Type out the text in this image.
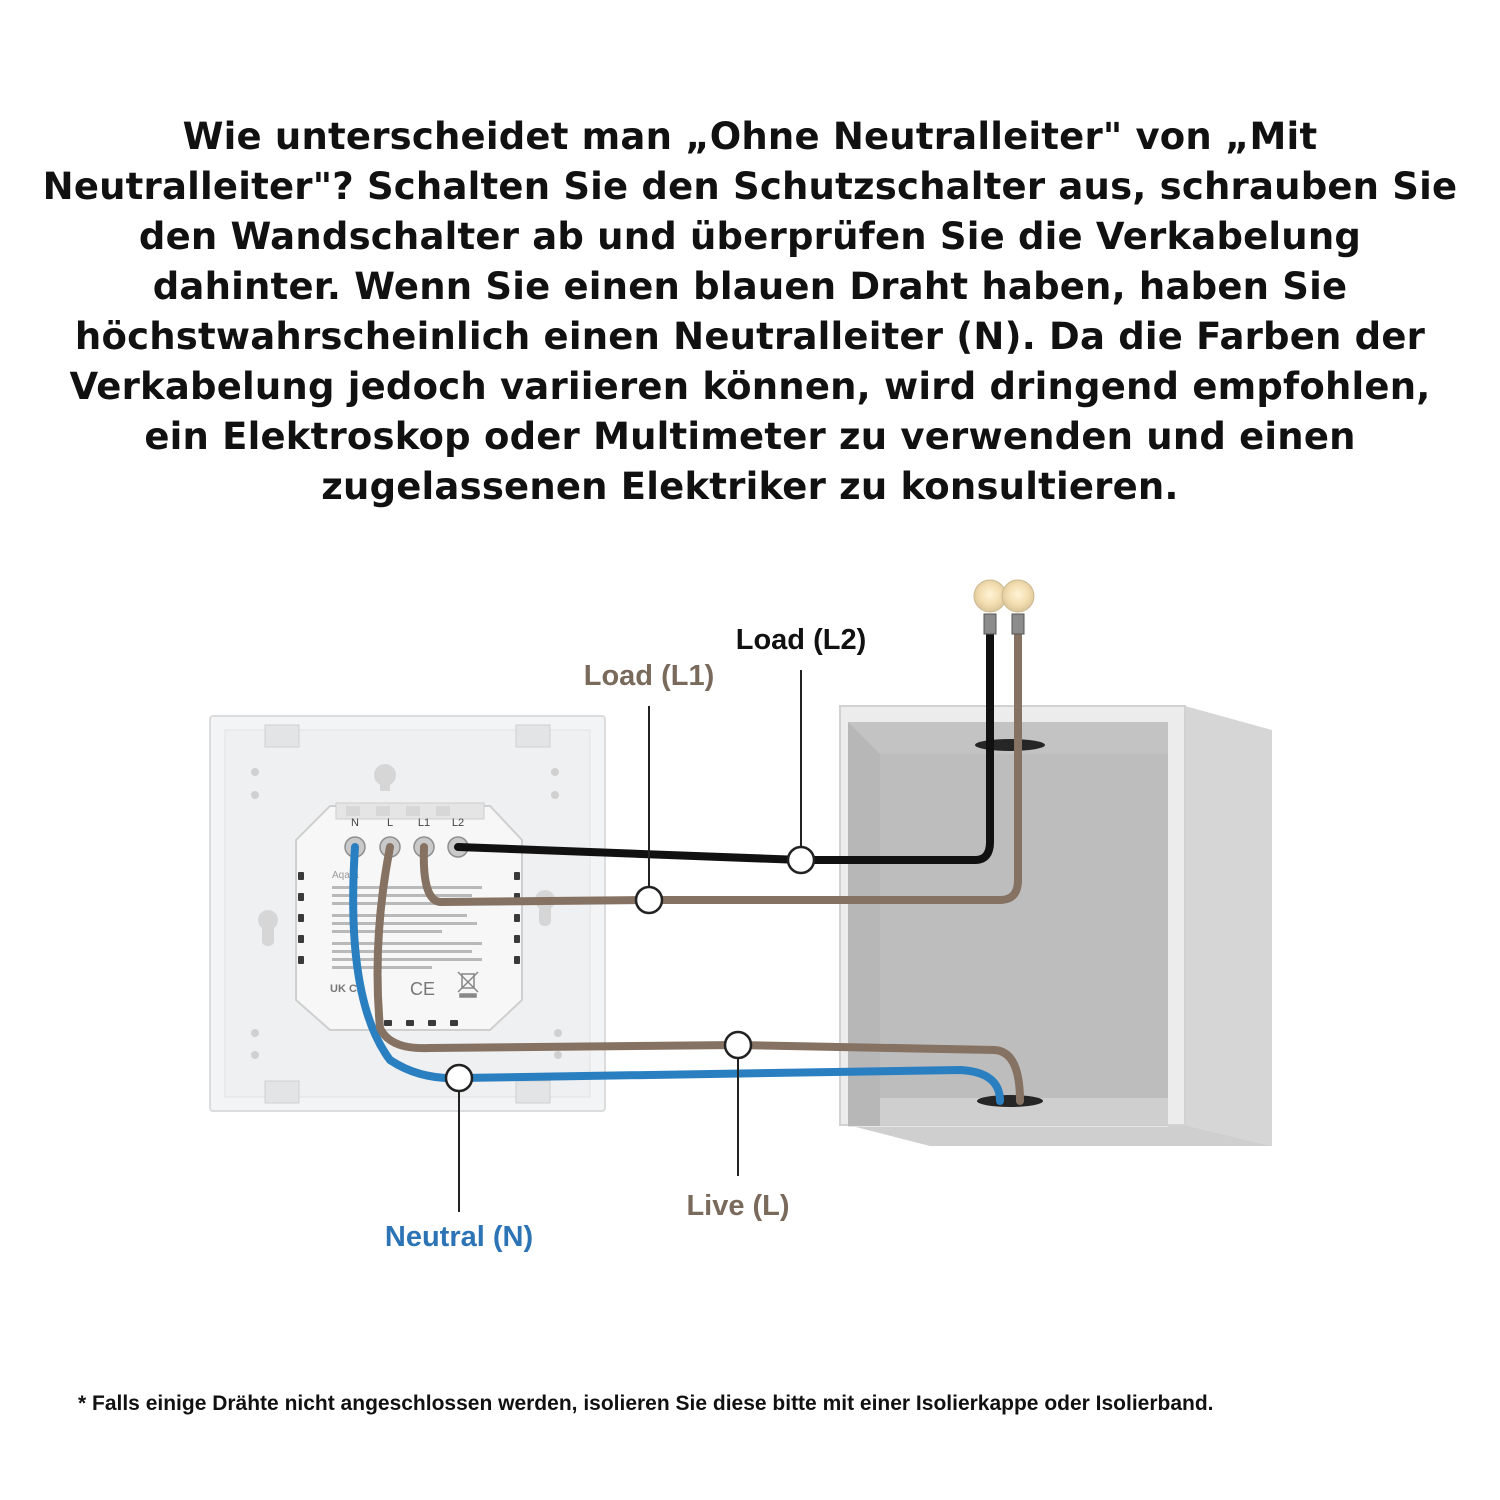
Wie unterscheidet man „Ohne Neutralleiter" von „Mit Neutralleiter"? Schalten Sie den Schutzschalter aus, schrauben Sie den Wandschalter ab und überprüfen Sie die Verkabelung dahinter. Wenn Sie einen blauen Draht haben, haben Sie höchstwahrscheinlich einen Neutralleiter (N). Da die Farben der Verkabelung jedoch variieren können, wird dringend empfohlen, ein Elektroskop oder Multimeter zu verwenden und einen zugelassenen Elektriker zu konsultieren.

Aqara
UK CA	CE
N	L L1 L2
Load (L1)
Load (L2)
Live (L)
Neutral (N)

* Falls einige Drähte nicht angeschlossen werden, isolieren Sie diese bitte mit einer Isolierkappe oder Isolierband.
